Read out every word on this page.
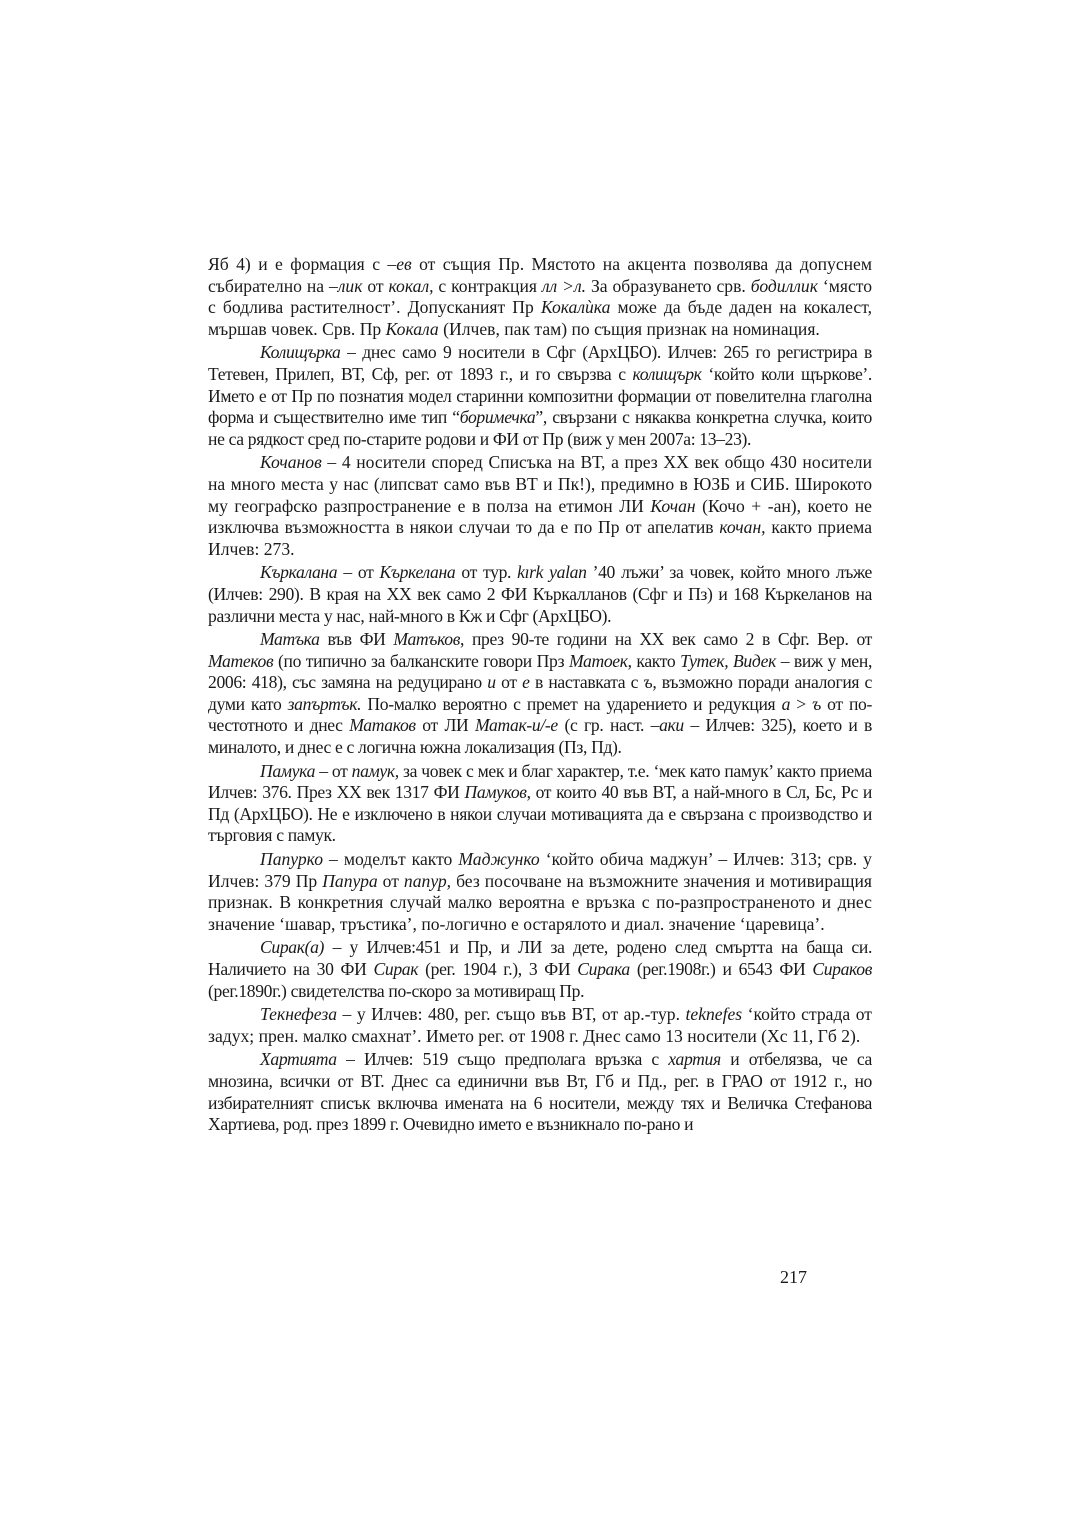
Яб 4) и е формация с –ев от същия Пр. Мястото на акцента позволява да допуснем събирателно на –лик от кокал, с контракция лл >л. За образуването срв. бодиллик ‘място с бодлива растителност’. Допусканият Пр Кокалѝка може да бъде даден на кокалест, мършав човек. Срв. Пр Кокала (Илчев, пак там) по същия признак на номинация.

Колищърка – днес само 9 носители в Сфг (АрхЦБО). Илчев: 265 го регистрира в Тетевен, Прилеп, ВТ, Сф, рег. от 1893 г., и го свързва с колищърк ‘който коли щъркове’. Името е от Пр по познатия модел старинни композитни формации от повелителна глаголна форма и съществително име тип “боримечка”, свързани с някаква конкретна случка, които не са рядкост сред по-старите родови и ФИ от Пр (виж у мен 2007а: 13–23).

Кочанов – 4 носители според Списъка на ВТ, а през ХХ век общо 430 носители на много места у нас (липсват само във ВТ и Пк!), предимно в ЮЗБ и СИБ. Широкото му географско разпространение е в полза на етимон ЛИ Кочан (Кочо + -ан), което не изключва възможността в някои случаи то да е по Пр от апелатив кочан, както приема Илчев: 273.

Къркалана – от Къркелана от тур. kırk yalan ’40 лъжи’ за човек, който много лъже (Илчев: 290). В края на ХХ век само 2 ФИ Къркалланов (Сфг и Пз) и 168 Къркеланов на различни места у нас, най-много в Кж и Сфг (АрхЦБО).

Матъка във ФИ Матъков, през 90-те години на ХХ век само 2 в Сфг. Вер. от Матеков (по типично за балканските говори Прз Матоек, както Тутек, Видек – виж у мен, 2006: 418), със замяна на редуцирано и от е в наставката с ъ, възможно поради аналогия с думи като запъртък. По-малко вероятно с премет на ударението и редукция а > ъ от по-честотното и днес Матаков от ЛИ Матак-и/-е (с гр. наст. –аки – Илчев: 325), което и в миналото, и днес е с логична южна локализация (Пз, Пд).

Памука – от памук, за човек с мек и благ характер, т.е. ‘мек като памук’ както приема Илчев: 376. През ХХ век 1317 ФИ Памуков, от които 40 във ВТ, а най-много в Сл, Бс, Рс и Пд (АрхЦБО). Не е изключено в някои случаи мотивацията да е свързана с производство и търговия с памук.

Папурко – моделът както Маджунко ‘който обича маджун’ – Илчев: 313; срв. у Илчев: 379 Пр Папура от папур, без посочване на възможните значения и мотивиращия признак. В конкретния случай малко вероятна е връзка с по-разпространеното и днес значение ‘шавар, тръстика’, по-логично е остарялото и диал. значение ‘царевица’.

Сирак(а) – у Илчев:451 и Пр, и ЛИ за дете, родено след смъртта на баща си. Наличието на 30 ФИ Сирак (рег. 1904 г.), 3 ФИ Сирака (рег.1908г.) и 6543 ФИ Сираков (рег.1890г.) свидетелства по-скоро за мотивиращ Пр.

Текнефеза – у Илчев: 480, рег. също във ВТ, от ар.-тур. teknefes ‘който страда от задух; прен. малко смахнат’. Името рег. от 1908 г. Днес само 13 носители (Хс 11, Гб 2).

Хартията – Илчев: 519 също предполага връзка с хартия и отбелязва, че са мнозина, всички от ВТ. Днес са единични във Вт, Гб и Пд., рег. в ГРАО от 1912 г., но избирателният списък включва имената на 6 носители, между тях и Величка Стефанова Хартиева, род. през 1899 г. Очевидно името е възникнало по-рано и

217
